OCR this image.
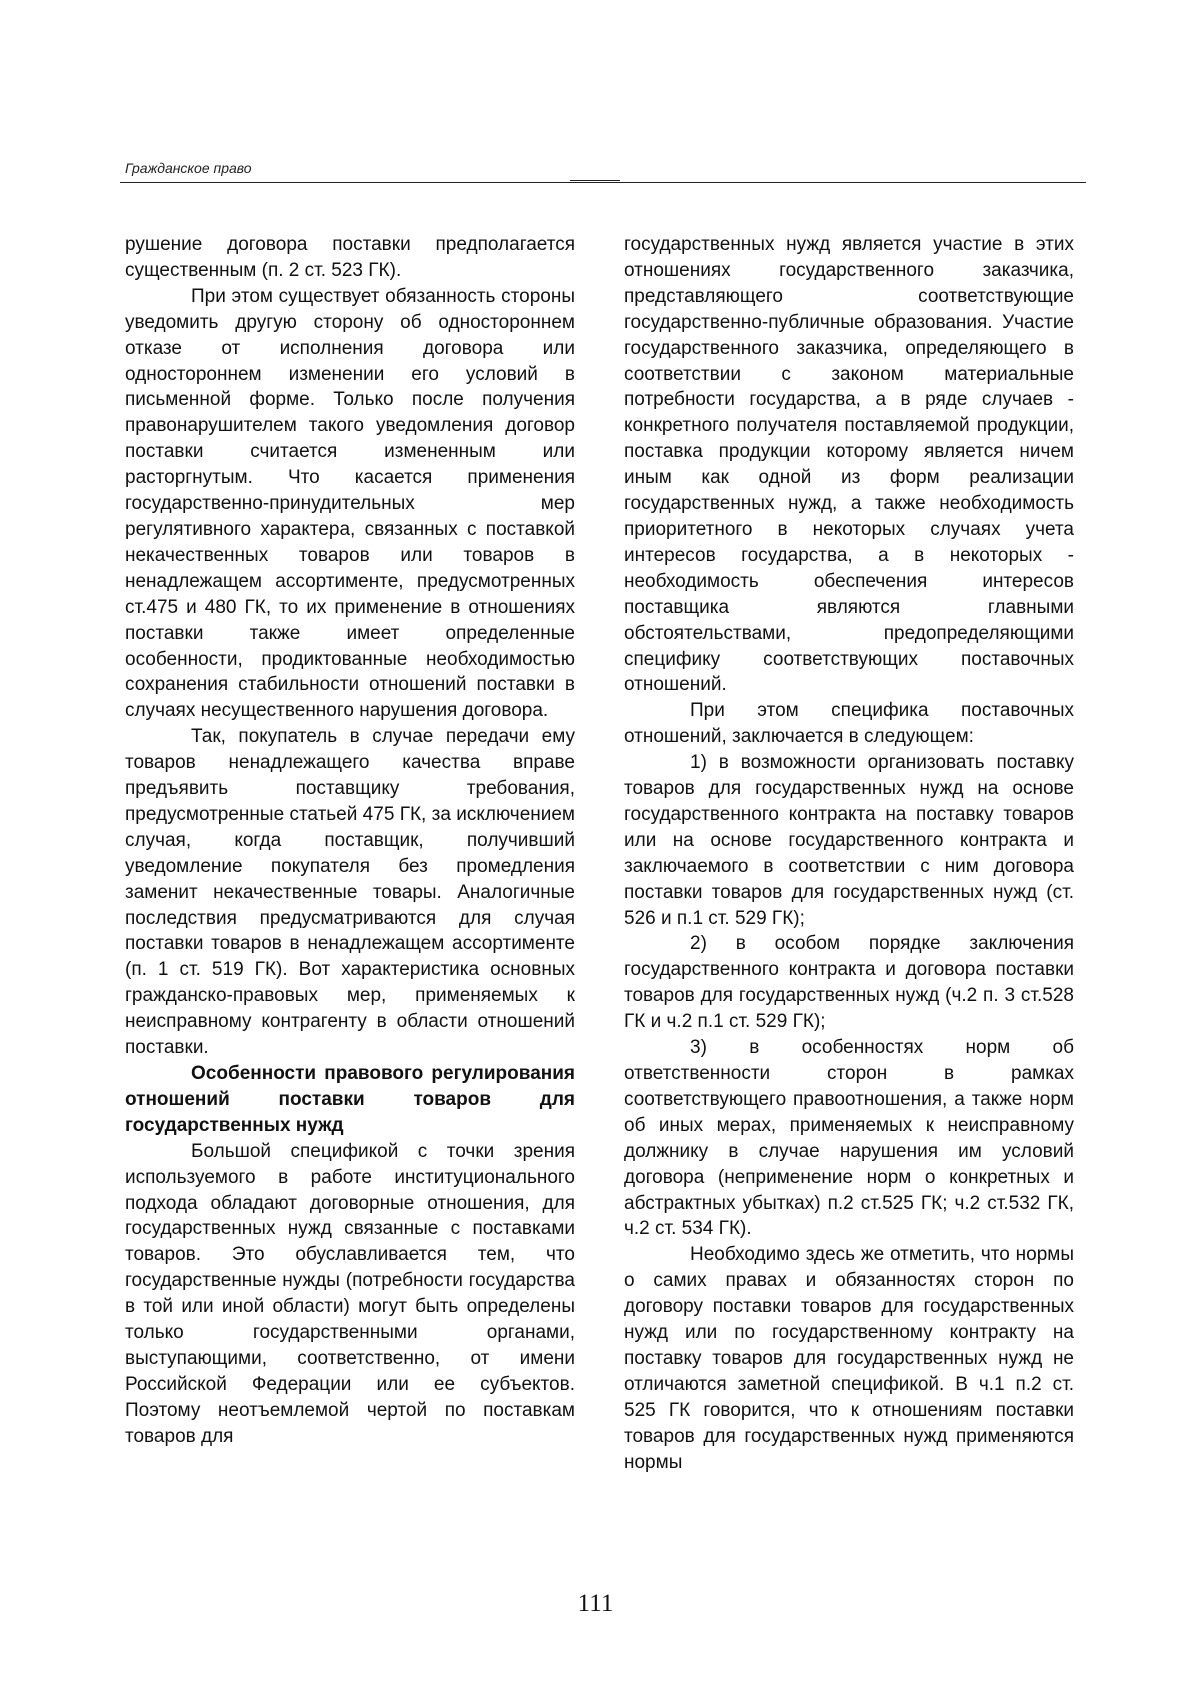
Гражданское право

рушение договора поставки предполагается существенным (п. 2 ст. 523 ГК).

При этом существует обязанность стороны уведомить другую сторону об одностороннем отказе от исполнения договора или одностороннем изменении его условий в письменной форме. Только после получения правонарушителем такого уведомления договор поставки считается измененным или расторгнутым. Что касается применения государственно-принудительных мер регулятивного характера, связанных с поставкой некачественных товаров или товаров в ненадлежащем ассортименте, предусмотренных ст.475 и 480 ГК, то их применение в отношениях поставки также имеет определенные особенности, продиктованные необходимостью сохранения стабильности отношений поставки в случаях несущественного нарушения договора.

Так, покупатель в случае передачи ему товаров ненадлежащего качества вправе предъявить поставщику требования, предусмотренные статьей 475 ГК, за исключением случая, когда поставщик, получивший уведомление покупателя без промедления заменит некачественные товары. Аналогичные последствия предусматриваются для случая поставки товаров в ненадлежащем ассортименте (п. 1 ст. 519 ГК). Вот характеристика основных гражданско-правовых мер, применяемых к неисправному контрагенту в области отношений поставки.

Особенности правового регулирования отношений поставки товаров для государственных нужд

Большой спецификой с точки зрения используемого в работе институционального подхода обладают договорные отношения, для государственных нужд связанные с поставками товаров. Это обуславливается тем, что государственные нужды (потребности государства в той или иной области) могут быть определены только государственными органами, выступающими, соответственно, от имени Российской Федерации или ее субъектов. Поэтому неотъемлемой чертой по поставкам товаров для

государственных нужд является участие в этих отношениях государственного заказчика, представляющего соответствующие государственно-публичные образования. Участие государственного заказчика, определяющего в соответствии с законом материальные потребности государства, а в ряде случаев - конкретного получателя поставляемой продукции, поставка продукции которому является ничем иным как одной из форм реализации государственных нужд, а также необходимость приоритетного в некоторых случаях учета интересов государства, а в некоторых - необходимость обеспечения интересов поставщика являются главными обстоятельствами, предопределяющими специфику соответствующих поставочных отношений.

При этом специфика поставочных отношений, заключается в следующем:

1) в возможности организовать поставку товаров для государственных нужд на основе государственного контракта на поставку товаров или на основе государственного контракта и заключаемого в соответствии с ним договора поставки товаров для государственных нужд (ст. 526 и п.1 ст. 529 ГК);

2) в особом порядке заключения государственного контракта и договора поставки товаров для государственных нужд (ч.2 п. 3 ст.528 ГК и ч.2 п.1 ст. 529 ГК);

3) в особенностях норм об ответственности сторон в рамках соответствующего правоотношения, а также норм об иных мерах, применяемых к неисправному должнику в случае нарушения им условий договора (неприменение норм о конкретных и абстрактных убытках) п.2 ст.525 ГК; ч.2 ст.532 ГК, ч.2 ст. 534 ГК).

Необходимо здесь же отметить, что нормы о самих правах и обязанностях сторон по договору поставки товаров для государственных нужд или по государственному контракту на поставку товаров для государственных нужд не отличаются заметной спецификой. В ч.1 п.2 ст. 525 ГК говорится, что к отношениям поставки товаров для государственных нужд применяются нормы

111
